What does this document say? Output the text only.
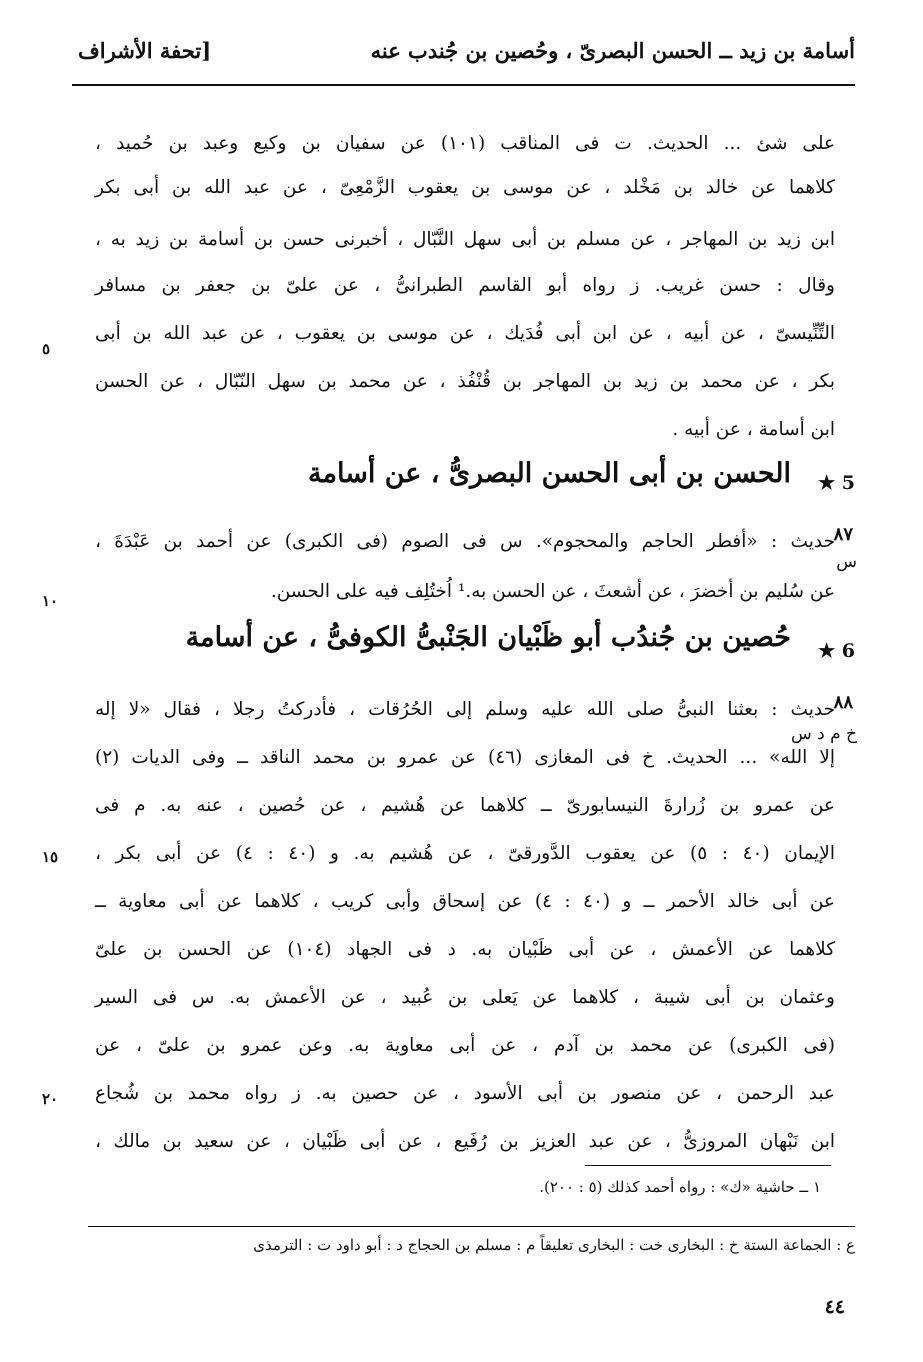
أسامة بن زيد ــ الحسن البصرىّ ، وحُصين بن جُندب عنه
[تحفة الأشراف
على شئ ... الحديث. ت فى المناقب (١٠١) عن سفيان بن وكيع وعبد بن حُميد ،
كلاهما عن خالد بن مَخْلد ، عن موسى بن يعقوب الزَّمْعِىّ ، عن عبد الله بن أبى بكر
ابن زيد بن المهاجر ، عن مسلم بن أبى سهل النَّبّال ، أخبرنى حسن بن أسامة بن زيد به ،
وقال : حسن غريب. ز رواه أبو القاسم الطبرانىُّ ، عن علىّ بن جعفر بن مسافر
التِّنِّيسىّ ، عن أبيه ، عن ابن أبى فُدَيك ، عن موسى بن يعقوب ، عن عبد الله بن أبى
بكر ، عن محمد بن زيد بن المهاجر بن قُنْفُذ ، عن محمد بن سهل النّبّال ، عن الحسن
ابن أسامة ، عن أبيه .
٥
5 ★
الحسن بن أبى الحسن البصرىُّ ، عن أسامة
٨٧
س
حديث : «أفطر الحاجم والمحجوم». س فى الصوم (فى الكبرى) عن أحمد بن عَبْدَةَ ،
عن سُليم بن أخضرَ ، عن أشعثَ ، عن الحسن به.¹ اُختُلِف فيه على الحسن.
١٠
6 ★
حُصين بن جُندُب أبو ظَبْيان الجَنْبىُّ الكوفىُّ ، عن أسامة
٨٨
خ م د س
حديث : بعثنا النبىُّ صلى الله عليه وسلم إلى الحُرُقات ، فأدركتُ رجلا ، فقال «لا إله
إلا الله» ... الحديث. خ فى المغازى (٤٦) عن عمرو بن محمد الناقد ــ وفى الديات (٢)
عن عمرو بن زُرارةَ النيسابورىّ ــ كلاهما عن هُشيم ، عن حُصين ، عنه به. م فى
الإيمان (٤٠ : ٥) عن يعقوب الدَّورقىّ ، عن هُشيم به. و (٤٠ : ٤) عن أبى بكر ،
عن أبى خالد الأحمر ــ و (٤٠ : ٤) عن إسحاق وأبى كريب ، كلاهما عن أبى معاوية ــ
كلاهما عن الأعمش ، عن أبى ظَبْيان به. د فى الجهاد (١٠٤) عن الحسن بن علىّ
وعثمان بن أبى شيبة ، كلاهما عن يَعلى بن عُبيد ، عن الأعمش به. س فى السير
(فى الكبرى) عن محمد بن آدم ، عن أبى معاوية به. وعن عمرو بن علىّ ، عن
عبد الرحمن ، عن منصور بن أبى الأسود ، عن حصين به. ز رواه محمد بن شُجاع
ابن نَبْهان المروزىُّ ، عن عبد العزيز بن رُفَيع ، عن أبى ظَبْيان ، عن سعيد بن مالك ،
١٥
٢٠
١ ــ حاشية «ك» : رواه أحمد كذلك (٥ : ٢٠٠).
ع : الجماعة الستة خ : البخارى خت : البخارى تعليقاً م : مسلم بن الحجاج د : أبو داود ت : الترمذى
٤٤
